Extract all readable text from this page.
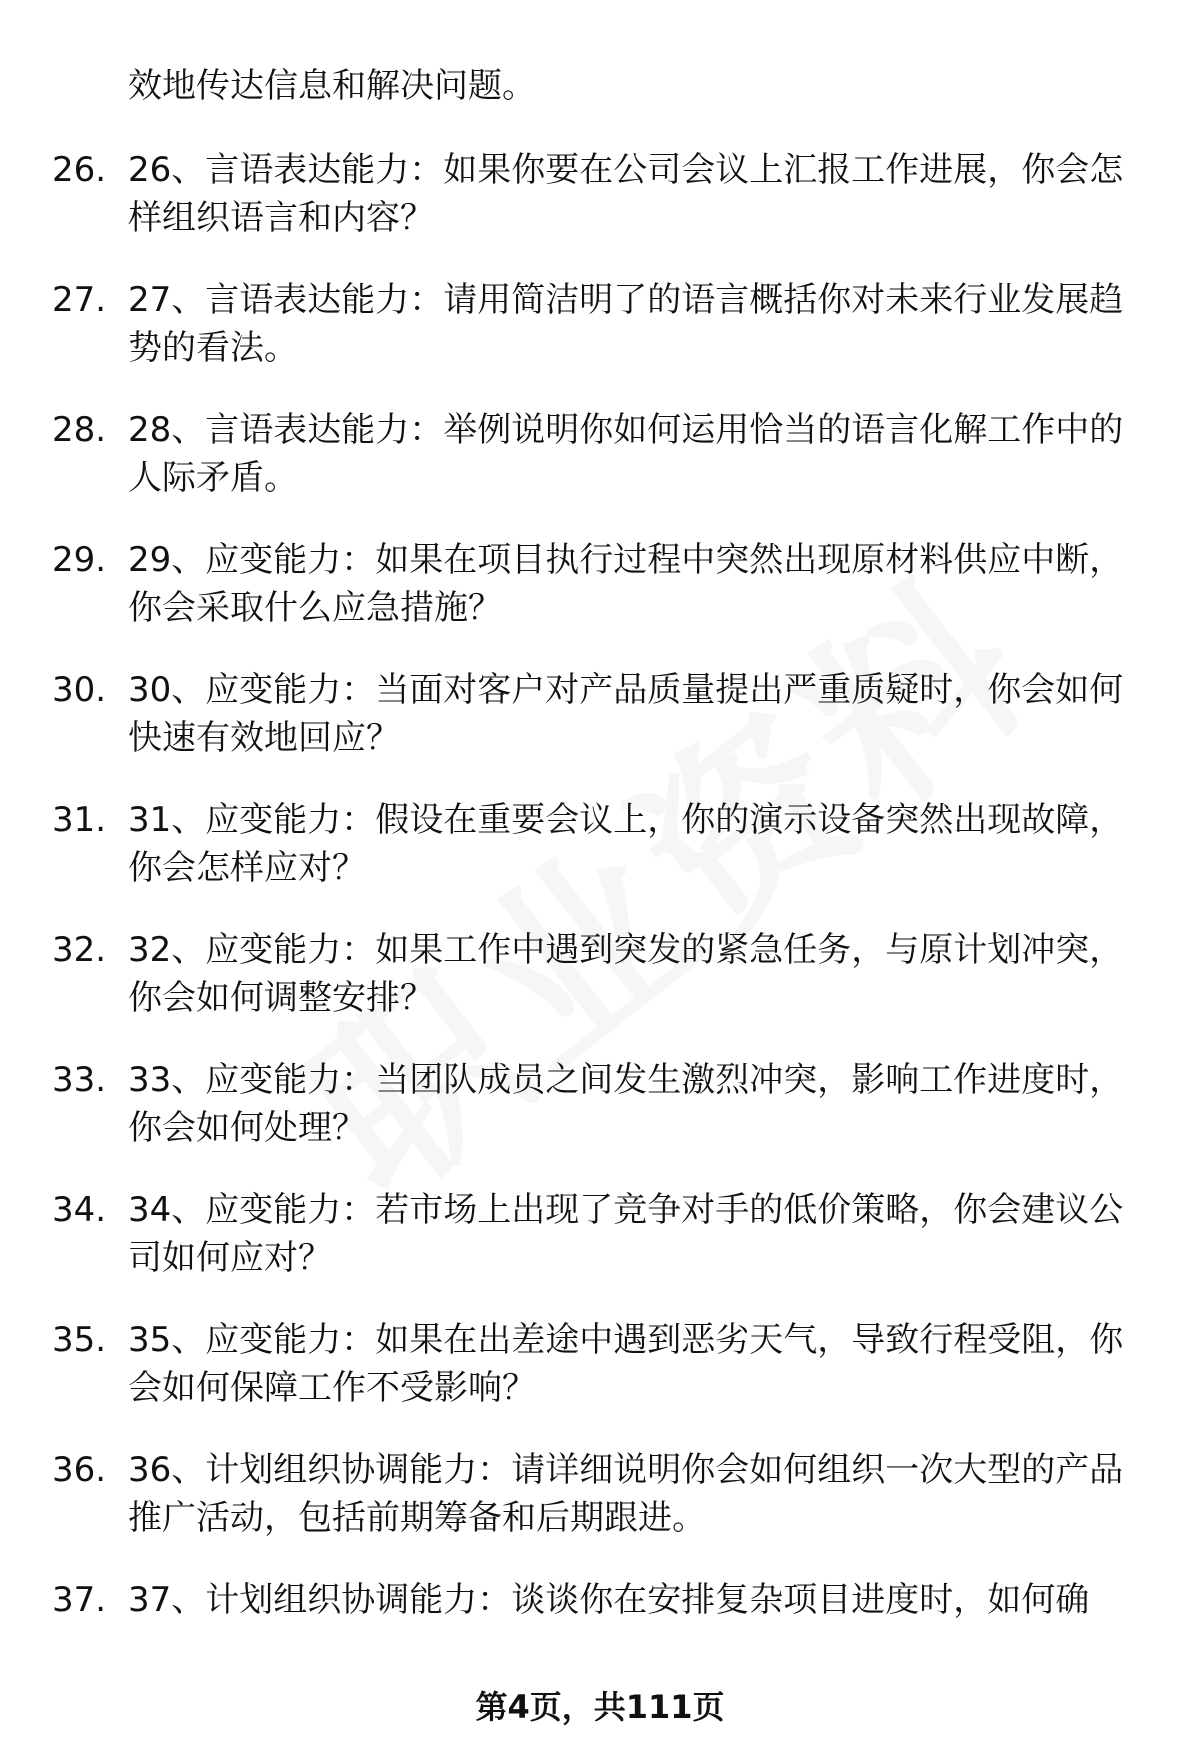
效地传达信息和解决问题。

26. 26、言语表达能力：如果你要在公司会议上汇报工作进展，你会怎样组织语言和内容？

27. 27、言语表达能力：请用简洁明了的语言概括你对未来行业发展趋势的看法。

28. 28、言语表达能力：举例说明你如何运用恰当的语言化解工作中的人际矛盾。

29. 29、应变能力：如果在项目执行过程中突然出现原材料供应中断，你会采取什么应急措施？

30. 30、应变能力：当面对客户对产品质量提出严重质疑时，你会如何快速有效地回应？

31. 31、应变能力：假设在重要会议上，你的演示设备突然出现故障，你会怎样应对？

32. 32、应变能力：如果工作中遇到突发的紧急任务，与原计划冲突，你会如何调整安排？

33. 33、应变能力：当团队成员之间发生激烈冲突，影响工作进度时，你会如何处理？

34. 34、应变能力：若市场上出现了竞争对手的低价策略，你会建议公司如何应对？

35. 35、应变能力：如果在出差途中遇到恶劣天气，导致行程受阻，你会如何保障工作不受影响？

36. 36、计划组织协调能力：请详细说明你会如何组织一次大型的产品推广活动，包括前期筹备和后期跟进。

37. 37、计划组织协调能力：谈谈你在安排复杂项目进度时，如何确

第4页，共111页
